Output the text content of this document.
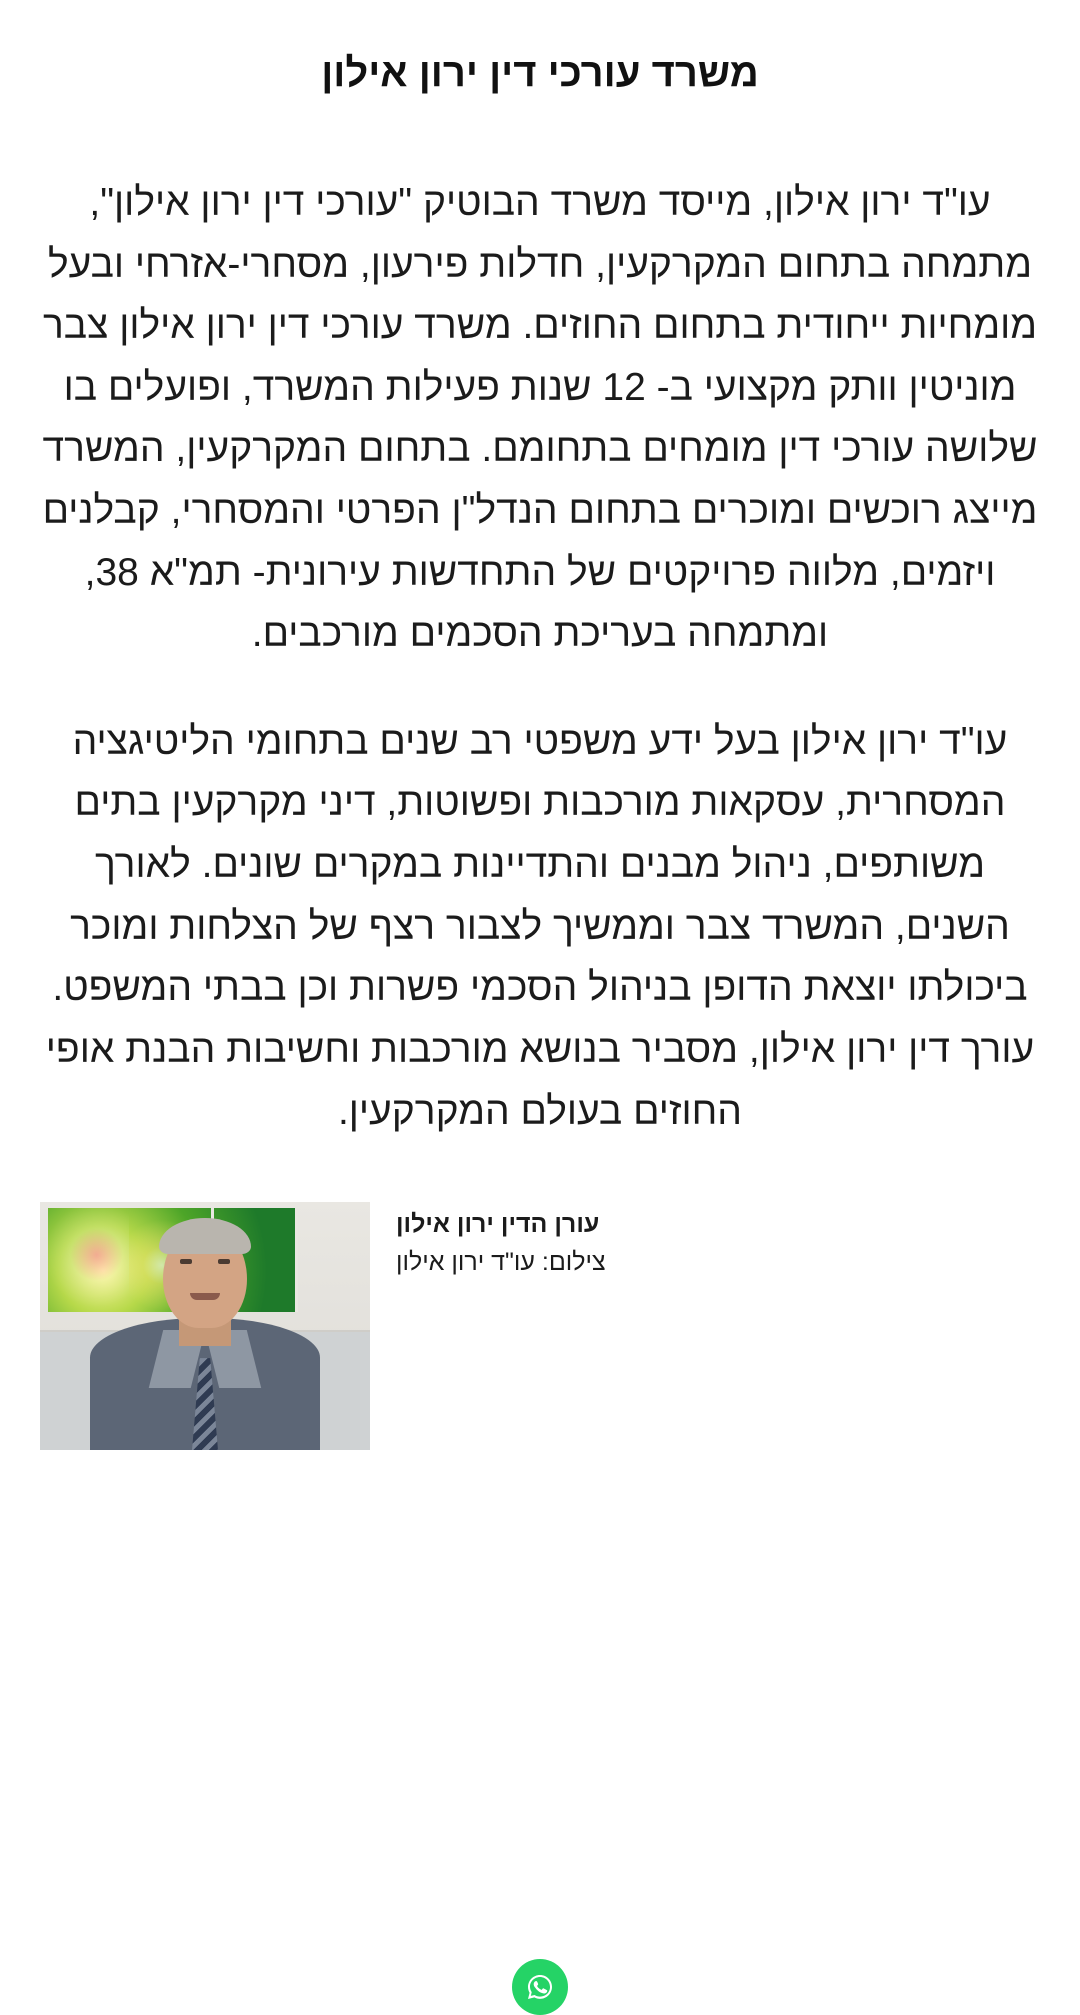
משרד עורכי דין ירון אילון

עו"ד ירון אילון, מייסד משרד הבוטיק "עורכי דין ירון אילון", מתמחה בתחום המקרקעין, חדלות פירעון, מסחרי-אזרחי ובעל מומחיות ייחודית בתחום החוזים. משרד עורכי דין ירון אילון צבר מוניטין וותק מקצועי ב- 12 שנות פעילות המשרד, ופועלים בו שלושה עורכי דין מומחים בתחומם. בתחום המקרקעין, המשרד מייצג רוכשים ומוכרים בתחום הנדל"ן הפרטי והמסחרי, קבלנים ויזמים, מלווה פרויקטים של התחדשות עירונית- תמ"א 38, ומתמחה בעריכת הסכמים מורכבים.

עו"ד ירון אילון בעל ידע משפטי רב שנים בתחומי הליטיגציה המסחרית, עסקאות מורכבות ופשוטות, דיני מקרקעין בתים משותפים, ניהול מבנים והתדיינות במקרים שונים. לאורך השנים, המשרד צבר וממשיך לצבור רצף של הצלחות ומוכר ביכולתו יוצאת הדופן בניהול הסכמי פשרות וכן בבתי המשפט. עורך דין ירון אילון, מסביר בנושא מורכבות וחשיבות הבנת אופי החוזים בעולם המקרקעין.

עורן הדין ירון אילון
צילום: עו"ד ירון אילון
